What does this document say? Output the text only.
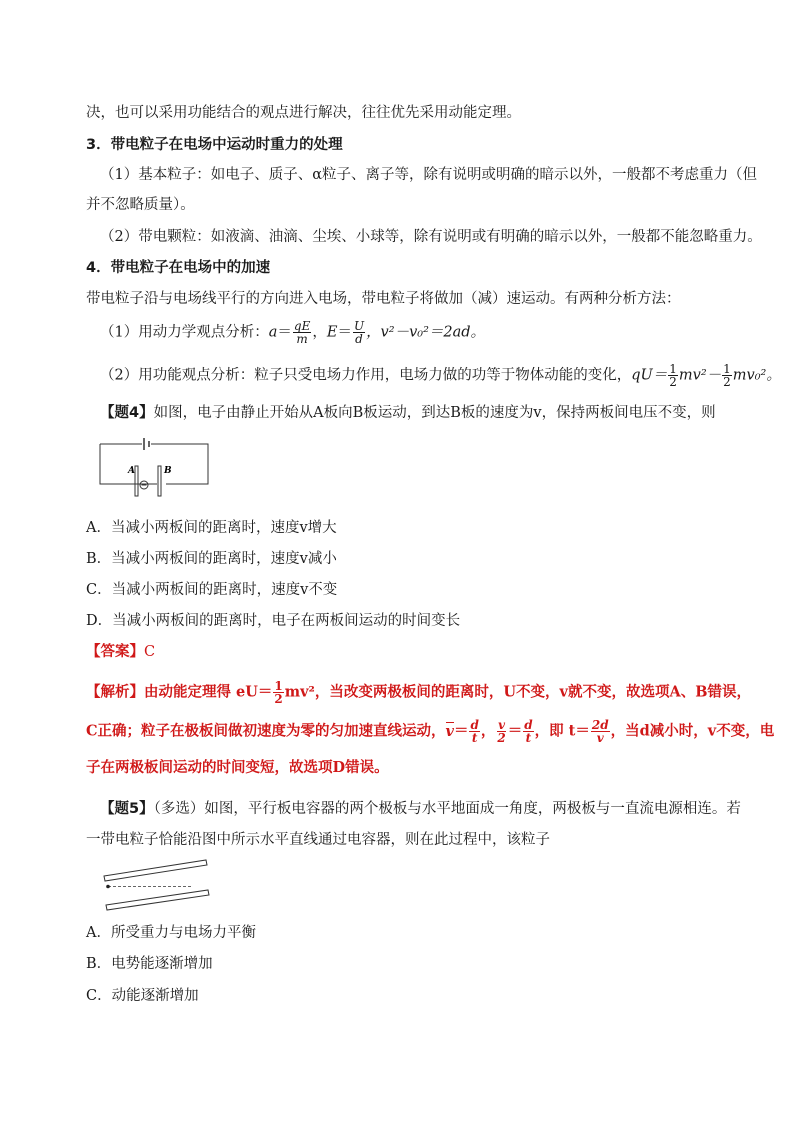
决，也可以采用功能结合的观点进行解决，往往优先采用动能定理。
3．带电粒子在电场中运动时重力的处理
（1）基本粒子：如电子、质子、α粒子、离子等，除有说明或明确的暗示以外，一般都不考虑重力（但
并不忽略质量）。
（2）带电颗粒：如液滴、油滴、尘埃、小球等，除有说明或有明确的暗示以外，一般都不能忽略重力。
4．带电粒子在电场中的加速
带电粒子沿与电场线平行的方向进入电场，带电粒子将做加（减）速运动。有两种分析方法：
（1）用动力学观点分析：$a= \frac{qE}{m}$ ，$E= \frac{U}{d}$ ，v²－v₀²＝2ad。
（2）用功能观点分析：粒子只受电场力作用，电场力做的功等于物体动能的变化，$qU= \frac{1}{2} mv^2- \frac{1}{2} mv_0^2$。
【题4】如图，电子由静止开始从A板向B板运动，到达B板的速度为v，保持两板间电压不变，则
A	B
A．当减小两板间的距离时，速度v增大
B．当减小两板间的距离时，速度v减小
C．当减小两板间的距离时，速度v不变
D．当减小两板间的距离时，电子在两板间运动的时间变长
【答案】C
【解析】由动能定理得 $eU= \frac{1}{2} mv^2$，当改变两极板间的距离时，U不变，v就不变，故选项A、B错误，
C正确；粒子在极板间做初速度为零的匀加速直线运动，$v= \frac{d}{t}$ ， $\frac{v}{2} = \frac{d}{t}$ ，即 $t= \frac{2d}{v}$ ，当d减小时，v不变，电
子在两极板间运动的时间变短，故选项D错误。
【题5】（多选）如图，平行板电容器的两个极板与水平地面成一角度，两极板与一直流电源相连。若
一带电粒子恰能沿图中所示水平直线通过电容器，则在此过程中，该粒子
A．所受重力与电场力平衡
B．电势能逐渐增加
C．动能逐渐增加
